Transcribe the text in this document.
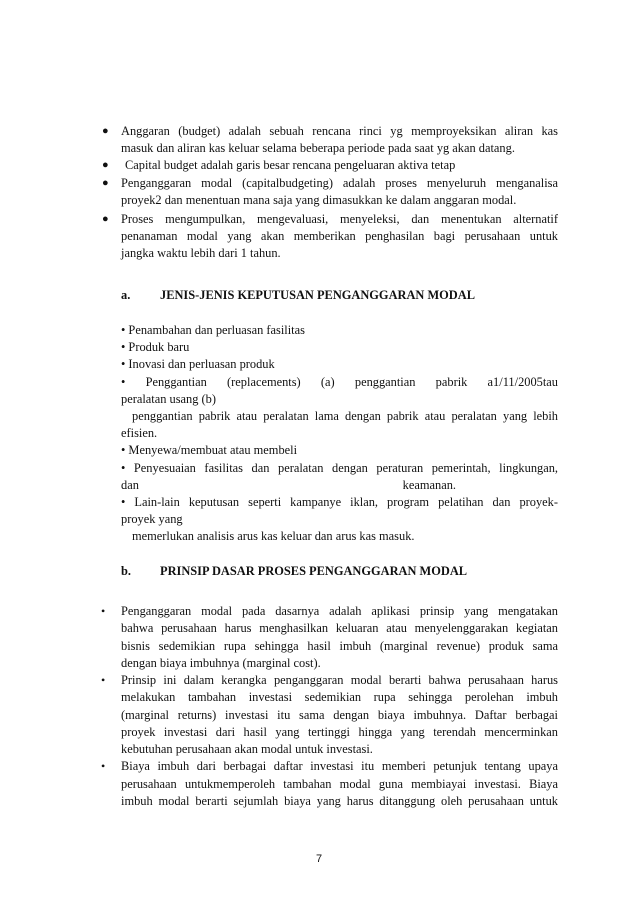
● Anggaran (budget) adalah sebuah rencana rinci yg memproyeksikan aliran kas
masuk dan aliran kas keluar selama beberapa periode pada saat yg akan datang.
● Capital budget adalah garis besar rencana pengeluaran aktiva tetap
● Penganggaran modal (capitalbudgeting) adalah proses menyeluruh menganalisa
proyek2 dan menentuan mana saja yang dimasukkan ke dalam anggaran modal.
● Proses mengumpulkan, mengevaluasi, menyeleksi, dan menentukan alternatif
penanaman modal yang akan memberikan penghasilan bagi perusahaan untuk
jangka waktu lebih dari 1 tahun.
a. JENIS-JENIS KEPUTUSAN PENGANGGARAN MODAL
• Penambahan dan perluasan fasilitas
• Produk baru
• Inovasi dan perluasan produk
• Penggantian (replacements) (a) penggantian pabrik a1/11/2005tau
peralatan usang (b)
penggantian pabrik atau peralatan lama dengan pabrik atau peralatan yang lebih
efisien.
• Menyewa/membuat atau membeli
• Penyesuaian fasilitas dan peralatan dengan peraturan pemerintah, lingkungan,
dan keamanan.
• Lain-lain keputusan seperti kampanye iklan, program pelatihan dan proyek-
proyek yang
memerlukan analisis arus kas keluar dan arus kas masuk.
b. PRINSIP DASAR PROSES PENGANGGARAN MODAL
• Penganggaran modal pada dasarnya adalah aplikasi prinsip yang mengatakan
bahwa perusahaan harus menghasilkan keluaran atau menyelenggarakan kegiatan
bisnis sedemikian rupa sehingga hasil imbuh (marginal revenue) produk sama
dengan biaya imbuhnya (marginal cost).
• Prinsip ini dalam kerangka penganggaran modal berarti bahwa perusahaan harus
melakukan tambahan investasi sedemikian rupa sehingga perolehan imbuh
(marginal returns) investasi itu sama dengan biaya imbuhnya. Daftar berbagai
proyek investasi dari hasil yang tertinggi hingga yang terendah mencerminkan
kebutuhan perusahaan akan modal untuk investasi.
• Biaya imbuh dari berbagai daftar investasi itu memberi petunjuk tentang upaya
perusahaan untukmemperoleh tambahan modal guna membiayai investasi. Biaya
imbuh modal berarti sejumlah biaya yang harus ditanggung oleh perusahaan untuk
7
